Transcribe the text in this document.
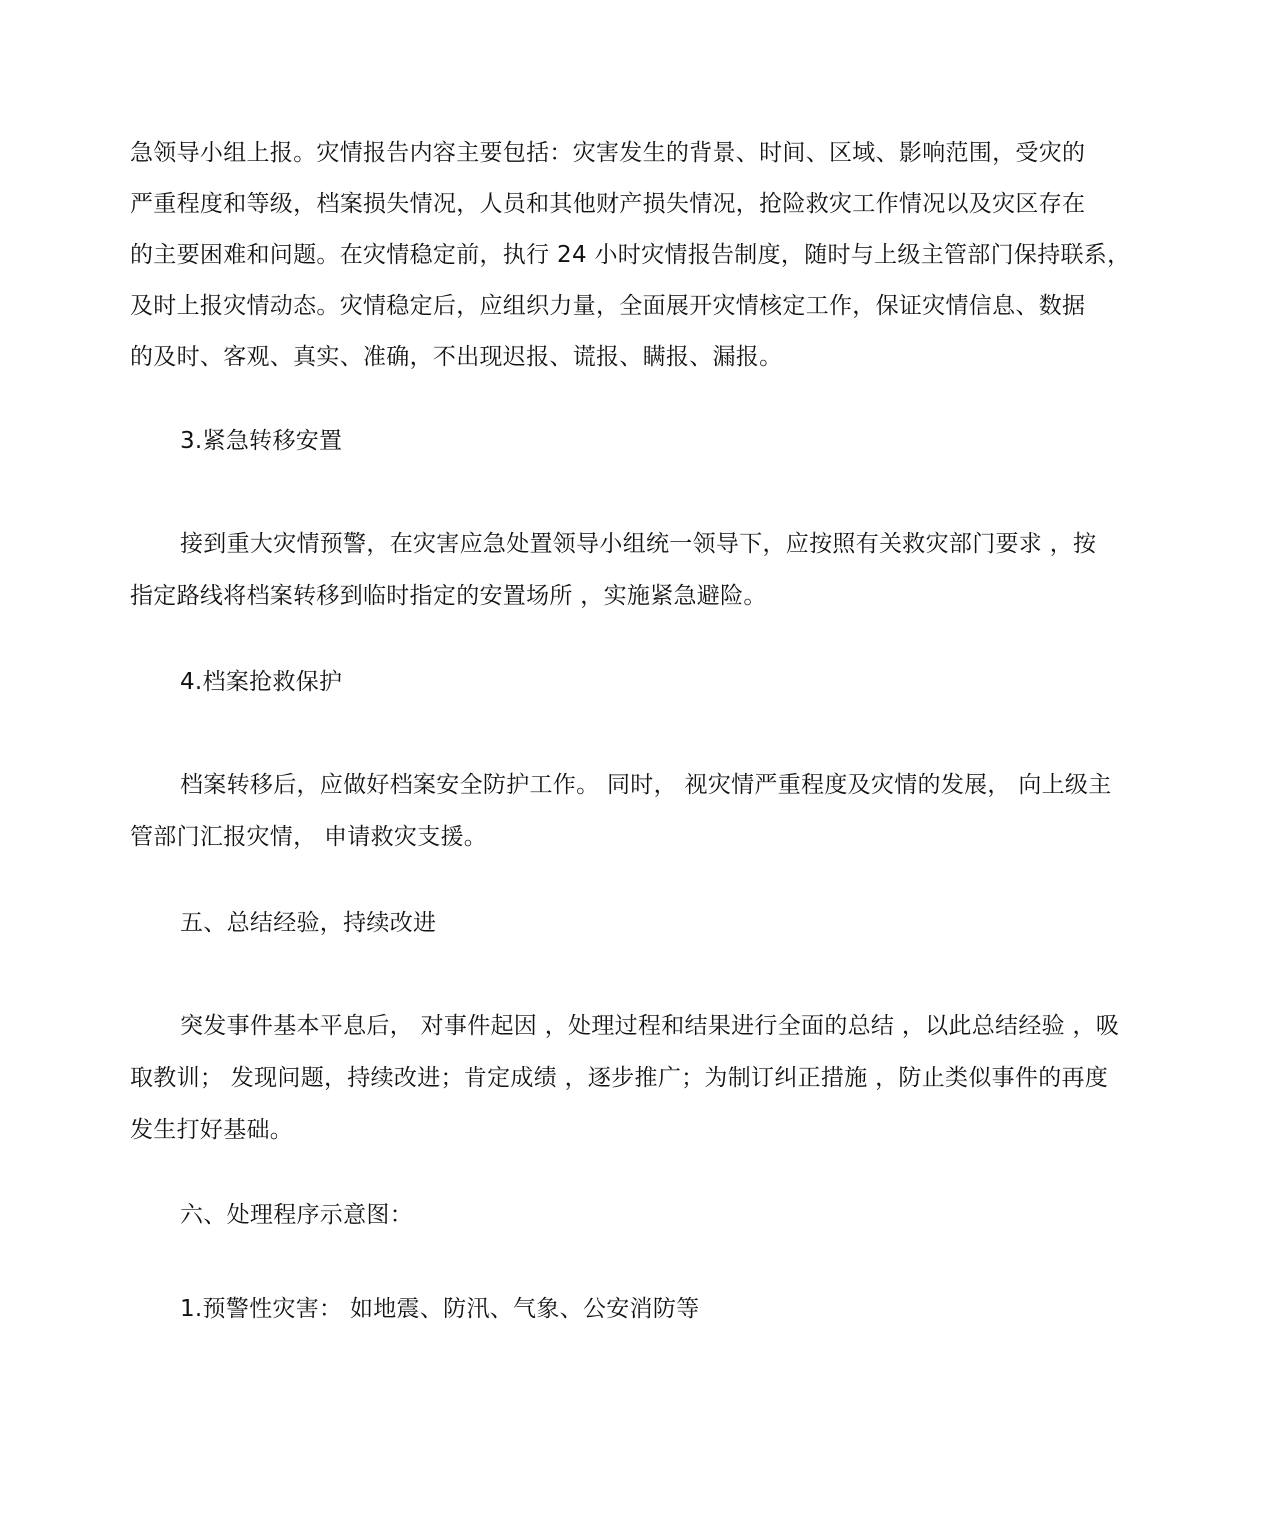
急领导小组上报。灾情报告内容主要包括：灾害发生的背景、时间、区域、影响范围，受灾的
严重程度和等级，档案损失情况，人员和其他财产损失情况，抢险救灾工作情况以及灾区存在
的主要困难和问题。在灾情稳定前，执行 24 小时灾情报告制度，随时与上级主管部门保持联系，
及时上报灾情动态。灾情稳定后，应组织力量，全面展开灾情核定工作，保证灾情信息、数据
的及时、客观、真实、准确，不出现迟报、谎报、瞒报、漏报。
3.紧急转移安置
接到重大灾情预警，在灾害应急处置领导小组统一领导下，应按照有关救灾部门要求 ，按
指定路线将档案转移到临时指定的安置场所 ，实施紧急避险。
4.档案抢救保护
档案转移后，应做好档案安全防护工作。 同时， 视灾情严重程度及灾情的发展， 向上级主
管部门汇报灾情， 申请救灾支援。
五、总结经验，持续改进
突发事件基本平息后， 对事件起因 ，处理过程和结果进行全面的总结 ，以此总结经验 ，吸
取教训； 发现问题，持续改进；肯定成绩 ，逐步推广；为制订纠正措施 ，防止类似事件的再度
发生打好基础。
六、处理程序示意图：
1.预警性灾害： 如地震、防汛、气象、公安消防等
